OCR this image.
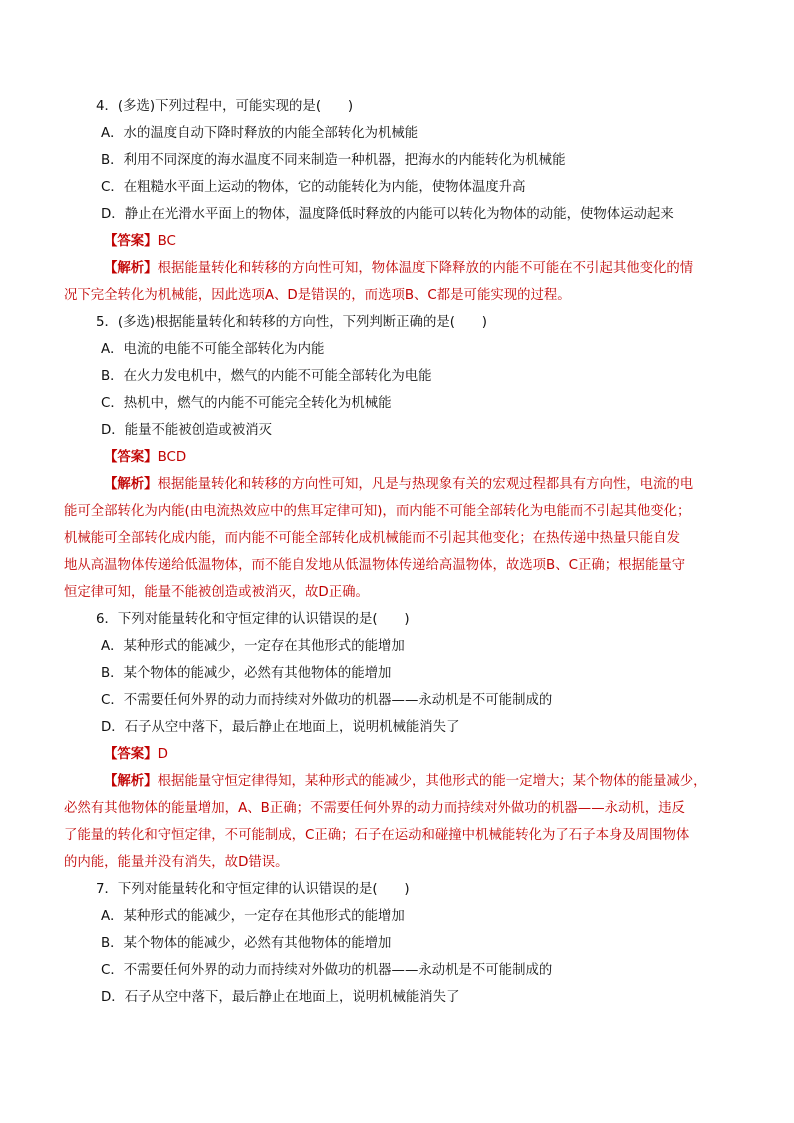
4．(多选)下列过程中，可能实现的是(　　)
A．水的温度自动下降时释放的内能全部转化为机械能
B．利用不同深度的海水温度不同来制造一种机器，把海水的内能转化为机械能
C．在粗糙水平面上运动的物体，它的动能转化为内能，使物体温度升高
D．静止在光滑水平面上的物体，温度降低时释放的内能可以转化为物体的动能，使物体运动起来
【答案】BC
【解析】根据能量转化和转移的方向性可知，物体温度下降释放的内能不可能在不引起其他变化的情
况下完全转化为机械能，因此选项A、D是错误的，而选项B、C都是可能实现的过程。
5．(多选)根据能量转化和转移的方向性，下列判断正确的是(　　)
A．电流的电能不可能全部转化为内能
B．在火力发电机中，燃气的内能不可能全部转化为电能
C．热机中，燃气的内能不可能完全转化为机械能
D．能量不能被创造或被消灭
【答案】BCD
【解析】根据能量转化和转移的方向性可知，凡是与热现象有关的宏观过程都具有方向性，电流的电
能可全部转化为内能(由电流热效应中的焦耳定律可知)，而内能不可能全部转化为电能而不引起其他变化；
机械能可全部转化成内能，而内能不可能全部转化成机械能而不引起其他变化；在热传递中热量只能自发
地从高温物体传递给低温物体，而不能自发地从低温物体传递给高温物体，故选项B、C正确；根据能量守
恒定律可知，能量不能被创造或被消灭，故D正确。
6．下列对能量转化和守恒定律的认识错误的是(　　)
A．某种形式的能减少，一定存在其他形式的能增加
B．某个物体的能减少，必然有其他物体的能增加
C．不需要任何外界的动力而持续对外做功的机器——永动机是不可能制成的
D．石子从空中落下，最后静止在地面上，说明机械能消失了
【答案】D
【解析】根据能量守恒定律得知，某种形式的能减少，其他形式的能一定增大；某个物体的能量减少，
必然有其他物体的能量增加，A、B正确；不需要任何外界的动力而持续对外做功的机器——永动机，违反
了能量的转化和守恒定律，不可能制成，C正确；石子在运动和碰撞中机械能转化为了石子本身及周围物体
的内能，能量并没有消失，故D错误。
7．下列对能量转化和守恒定律的认识错误的是(　　)
A．某种形式的能减少，一定存在其他形式的能增加
B．某个物体的能减少，必然有其他物体的能增加
C．不需要任何外界的动力而持续对外做功的机器——永动机是不可能制成的
D．石子从空中落下，最后静止在地面上，说明机械能消失了
